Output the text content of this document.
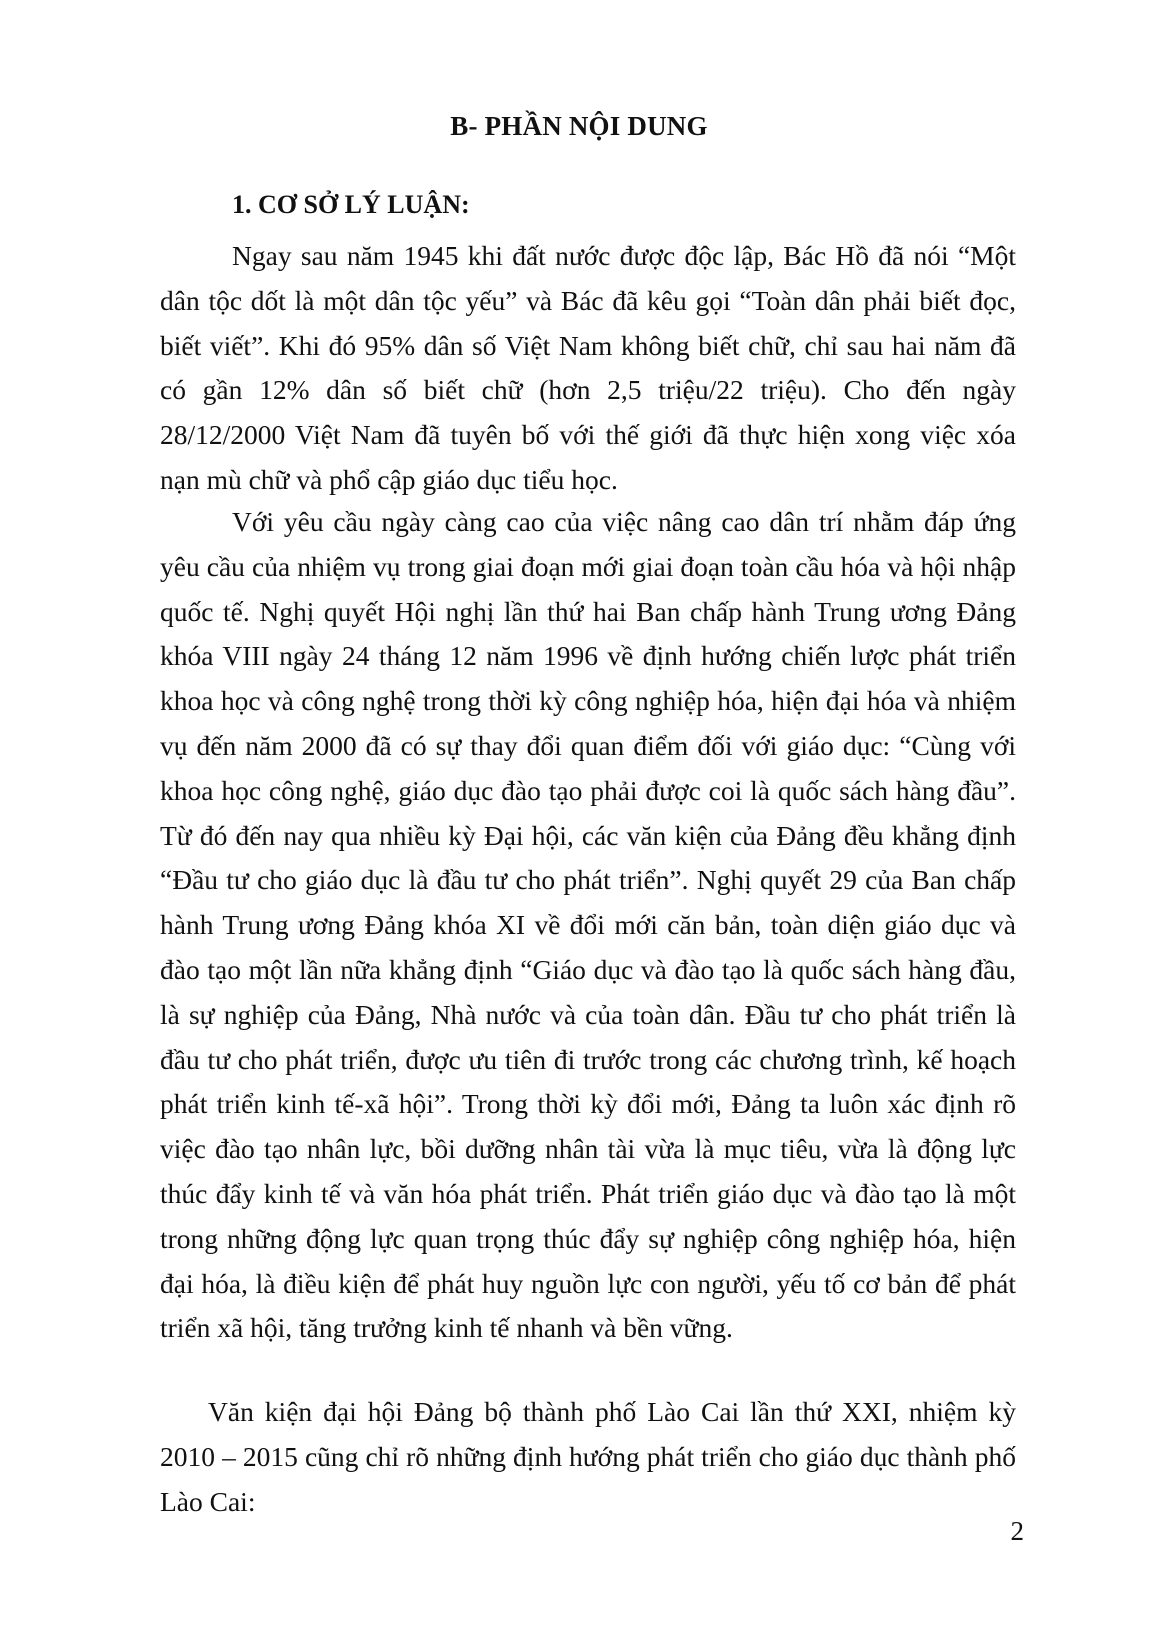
B- PHẦN NỘI DUNG
1. CƠ SỞ LÝ LUẬN:

Ngay sau năm 1945 khi đất nước được độc lập, Bác Hồ đã nói “Một dân tộc dốt là một dân tộc yếu” và Bác đã kêu gọi “Toàn dân phải biết đọc, biết viết”. Khi đó 95% dân số Việt Nam không biết chữ, chỉ sau hai năm đã có gần 12% dân số biết chữ (hơn 2,5 triệu/22 triệu). Cho đến ngày 28/12/2000 Việt Nam đã tuyên bố với thế giới đã thực hiện xong việc xóa nạn mù chữ và phổ cập giáo dục tiểu học.

Với yêu cầu ngày càng cao của việc nâng cao dân trí nhằm đáp ứng yêu cầu của nhiệm vụ trong giai đoạn mới giai đoạn toàn cầu hóa và hội nhập quốc tế. Nghị quyết Hội nghị lần thứ hai Ban chấp hành Trung ương Đảng khóa VIII ngày 24 tháng 12 năm 1996 về định hướng chiến lược phát triển khoa học và công nghệ trong thời kỳ công nghiệp hóa, hiện đại hóa và nhiệm vụ đến năm 2000 đã có sự thay đổi quan điểm đối với giáo dục: “Cùng với khoa học công nghệ, giáo dục đào tạo phải được coi là quốc sách hàng đầu”. Từ đó đến nay qua nhiều kỳ Đại hội, các văn kiện của Đảng đều khẳng định “Đầu tư cho giáo dục là đầu tư cho phát triển”. Nghị quyết 29 của Ban chấp hành Trung ương Đảng khóa XI về đổi mới căn bản, toàn diện giáo dục và đào tạo một lần nữa khẳng định “Giáo dục và đào tạo là quốc sách hàng đầu, là sự nghiệp của Đảng, Nhà nước và của toàn dân. Đầu tư cho phát triển là đầu tư cho phát triển, được ưu tiên đi trước trong các chương trình, kế hoạch phát triển kinh tế-xã hội”. Trong thời kỳ đổi mới, Đảng ta luôn xác định rõ việc đào tạo nhân lực, bồi dưỡng nhân tài vừa là mục tiêu, vừa là động lực thúc đẩy kinh tế và văn hóa phát triển. Phát triển giáo dục và đào tạo là một trong những động lực quan trọng thúc đẩy sự nghiệp công nghiệp hóa, hiện đại hóa, là điều kiện để phát huy nguồn lực con người, yếu tố cơ bản để phát triển xã hội, tăng trưởng kinh tế nhanh và bền vững.

Văn kiện đại hội Đảng bộ thành phố Lào Cai lần thứ XXI, nhiệm kỳ 2010 – 2015 cũng chỉ rõ những định hướng phát triển cho giáo dục thành phố Lào Cai:

2
